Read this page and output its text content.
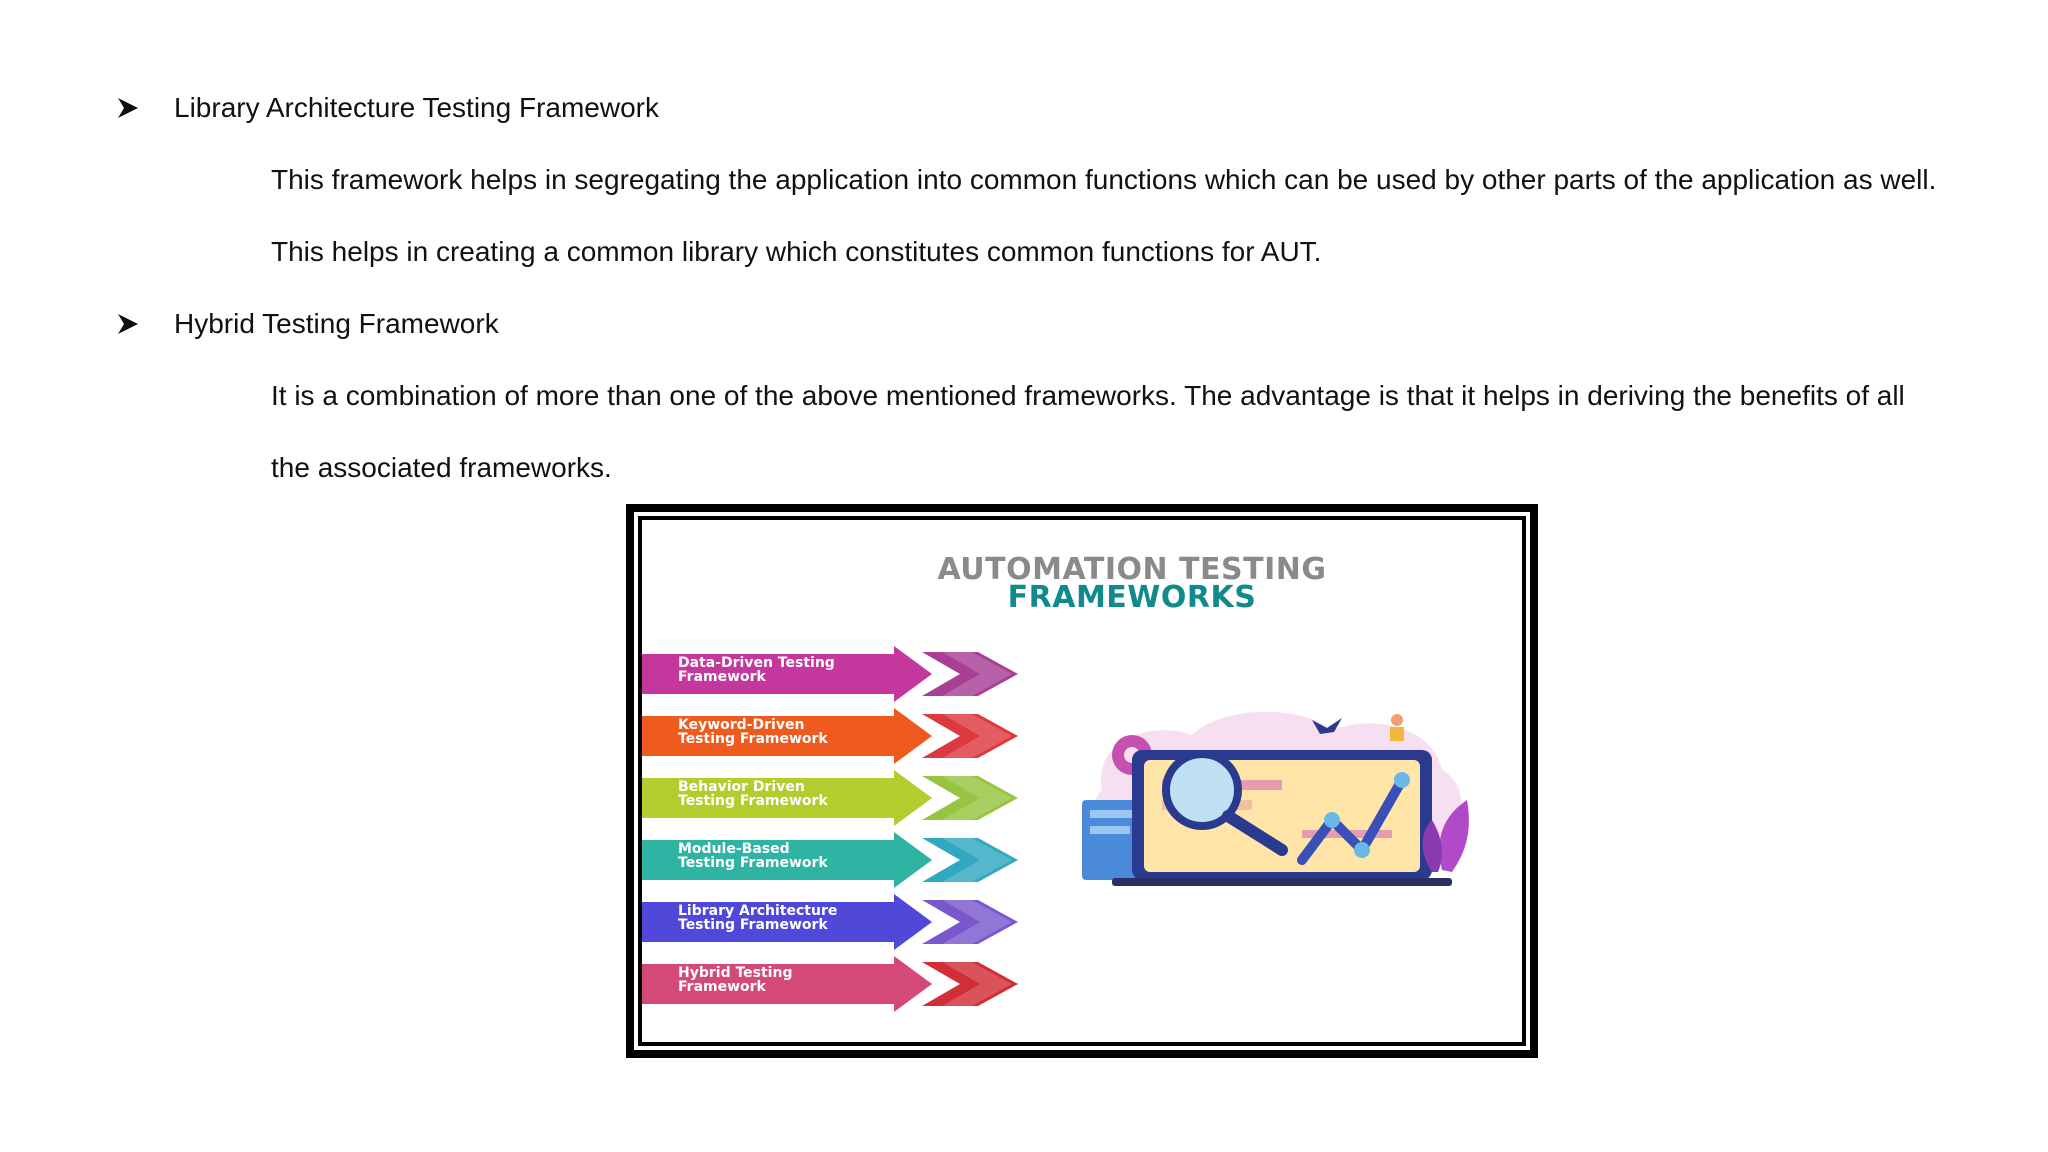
Library Architecture Testing Framework
This framework helps in segregating the application into common functions which can be used by other parts of the application as well.
This helps in creating a common library which constitutes common functions for AUT.
Hybrid Testing Framework
It is a combination of more than one of the above mentioned frameworks. The advantage is that it helps in deriving the benefits of all
the associated frameworks.
AUTOMATION TESTING
FRAMEWORKS
Data-Driven Testing
Framework
Keyword-Driven
Testing Framework
Behavior Driven
Testing Framework
Module-Based
Testing Framework
Library Architecture
Testing Framework
Hybrid Testing
Framework
